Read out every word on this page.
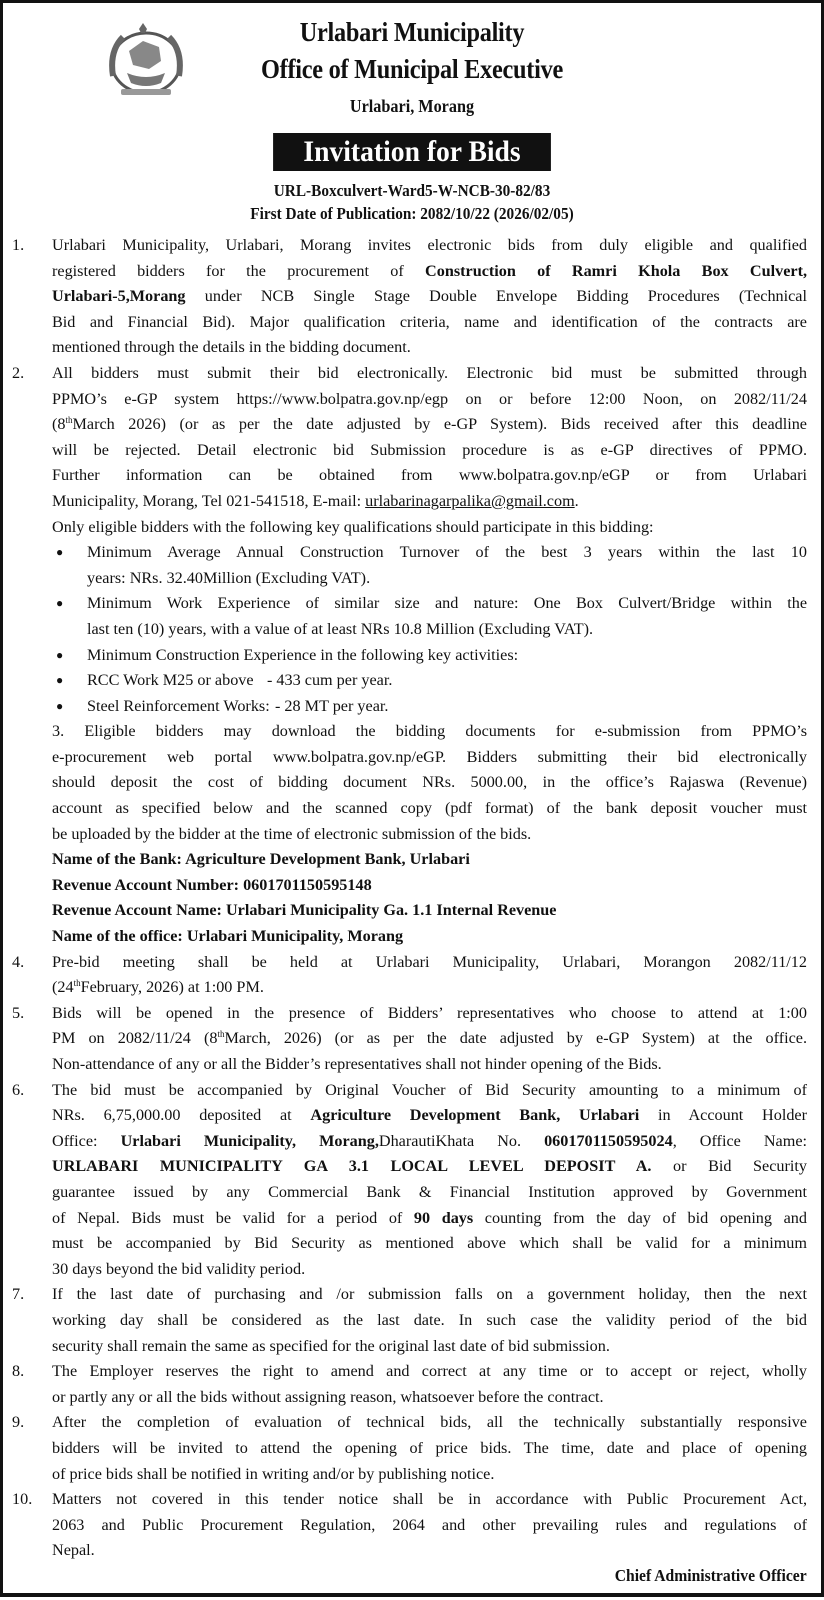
Urlabari Municipality
Office of Municipal Executive
Urlabari, Morang
Invitation for Bids
URL-Boxculvert-Ward5-W-NCB-30-82/83
First Date of Publication: 2082/10/22 (2026/02/05)
1. Urlabari Municipality, Urlabari, Morang invites electronic bids from duly eligible and qualified
registered bidders for the procurement of Construction of Ramri Khola Box Culvert,
Urlabari-5,Morang under NCB Single Stage Double Envelope Bidding Procedures (Technical
Bid and Financial Bid). Major qualification criteria, name and identification of the contracts are
mentioned through the details in the bidding document.
2. All bidders must submit their bid electronically. Electronic bid must be submitted through
PPMO’s e-GP system https://www.bolpatra.gov.np/egp on or before 12:00 Noon, on 2082/11/24
(8thMarch 2026) (or as per the date adjusted by e-GP System). Bids received after this deadline
will be rejected. Detail electronic bid Submission procedure is as e-GP directives of PPMO.
Further information can be obtained from www.bolpatra.gov.np/eGP or from Urlabari
Municipality, Morang, Tel 021-541518, E-mail: urlabarinagarpalika@gmail.com.
Only eligible bidders with the following key qualifications should participate in this bidding:
● Minimum Average Annual Construction Turnover of the best 3 years within the last 10
years: NRs. 32.40Million (Excluding VAT).
● Minimum Work Experience of similar size and nature: One Box Culvert/Bridge within the
last ten (10) years, with a value of at least NRs 10.8 Million (Excluding VAT).
● Minimum Construction Experience in the following key activities:
● RCC Work M25 or above - 433 cum per year.
● Steel Reinforcement Works: - 28 MT per year.
3. Eligible bidders may download the bidding documents for e-submission from PPMO’s
e-procurement web portal www.bolpatra.gov.np/eGP. Bidders submitting their bid electronically
should deposit the cost of bidding document NRs. 5000.00, in the office’s Rajaswa (Revenue)
account as specified below and the scanned copy (pdf format) of the bank deposit voucher must
be uploaded by the bidder at the time of electronic submission of the bids.
Name of the Bank: Agriculture Development Bank, Urlabari
Revenue Account Number: 0601701150595148
Revenue Account Name: Urlabari Municipality Ga. 1.1 Internal Revenue
Name of the office: Urlabari Municipality, Morang
4. Pre-bid meeting shall be held at Urlabari Municipality, Urlabari, Morangon 2082/11/12
(24thFebruary, 2026) at 1:00 PM.
5. Bids will be opened in the presence of Bidders’ representatives who choose to attend at 1:00
PM on 2082/11/24 (8thMarch, 2026) (or as per the date adjusted by e-GP System) at the office.
Non-attendance of any or all the Bidder’s representatives shall not hinder opening of the Bids.
6. The bid must be accompanied by Original Voucher of Bid Security amounting to a minimum of
NRs. 6,75,000.00 deposited at Agriculture Development Bank, Urlabari in Account Holder
Office: Urlabari Municipality, Morang,DharautiKhata No. 0601701150595024, Office Name:
URLABARI MUNICIPALITY GA 3.1 LOCAL LEVEL DEPOSIT A. or Bid Security
guarantee issued by any Commercial Bank & Financial Institution approved by Government
of Nepal. Bids must be valid for a period of 90 days counting from the day of bid opening and
must be accompanied by Bid Security as mentioned above which shall be valid for a minimum
30 days beyond the bid validity period.
7. If the last date of purchasing and /or submission falls on a government holiday, then the next
working day shall be considered as the last date. In such case the validity period of the bid
security shall remain the same as specified for the original last date of bid submission.
8. The Employer reserves the right to amend and correct at any time or to accept or reject, wholly
or partly any or all the bids without assigning reason, whatsoever before the contract.
9. After the completion of evaluation of technical bids, all the technically substantially responsive
bidders will be invited to attend the opening of price bids. The time, date and place of opening
of price bids shall be notified in writing and/or by publishing notice.
10. Matters not covered in this tender notice shall be in accordance with Public Procurement Act,
2063 and Public Procurement Regulation, 2064 and other prevailing rules and regulations of
Nepal.
Chief Administrative Officer
